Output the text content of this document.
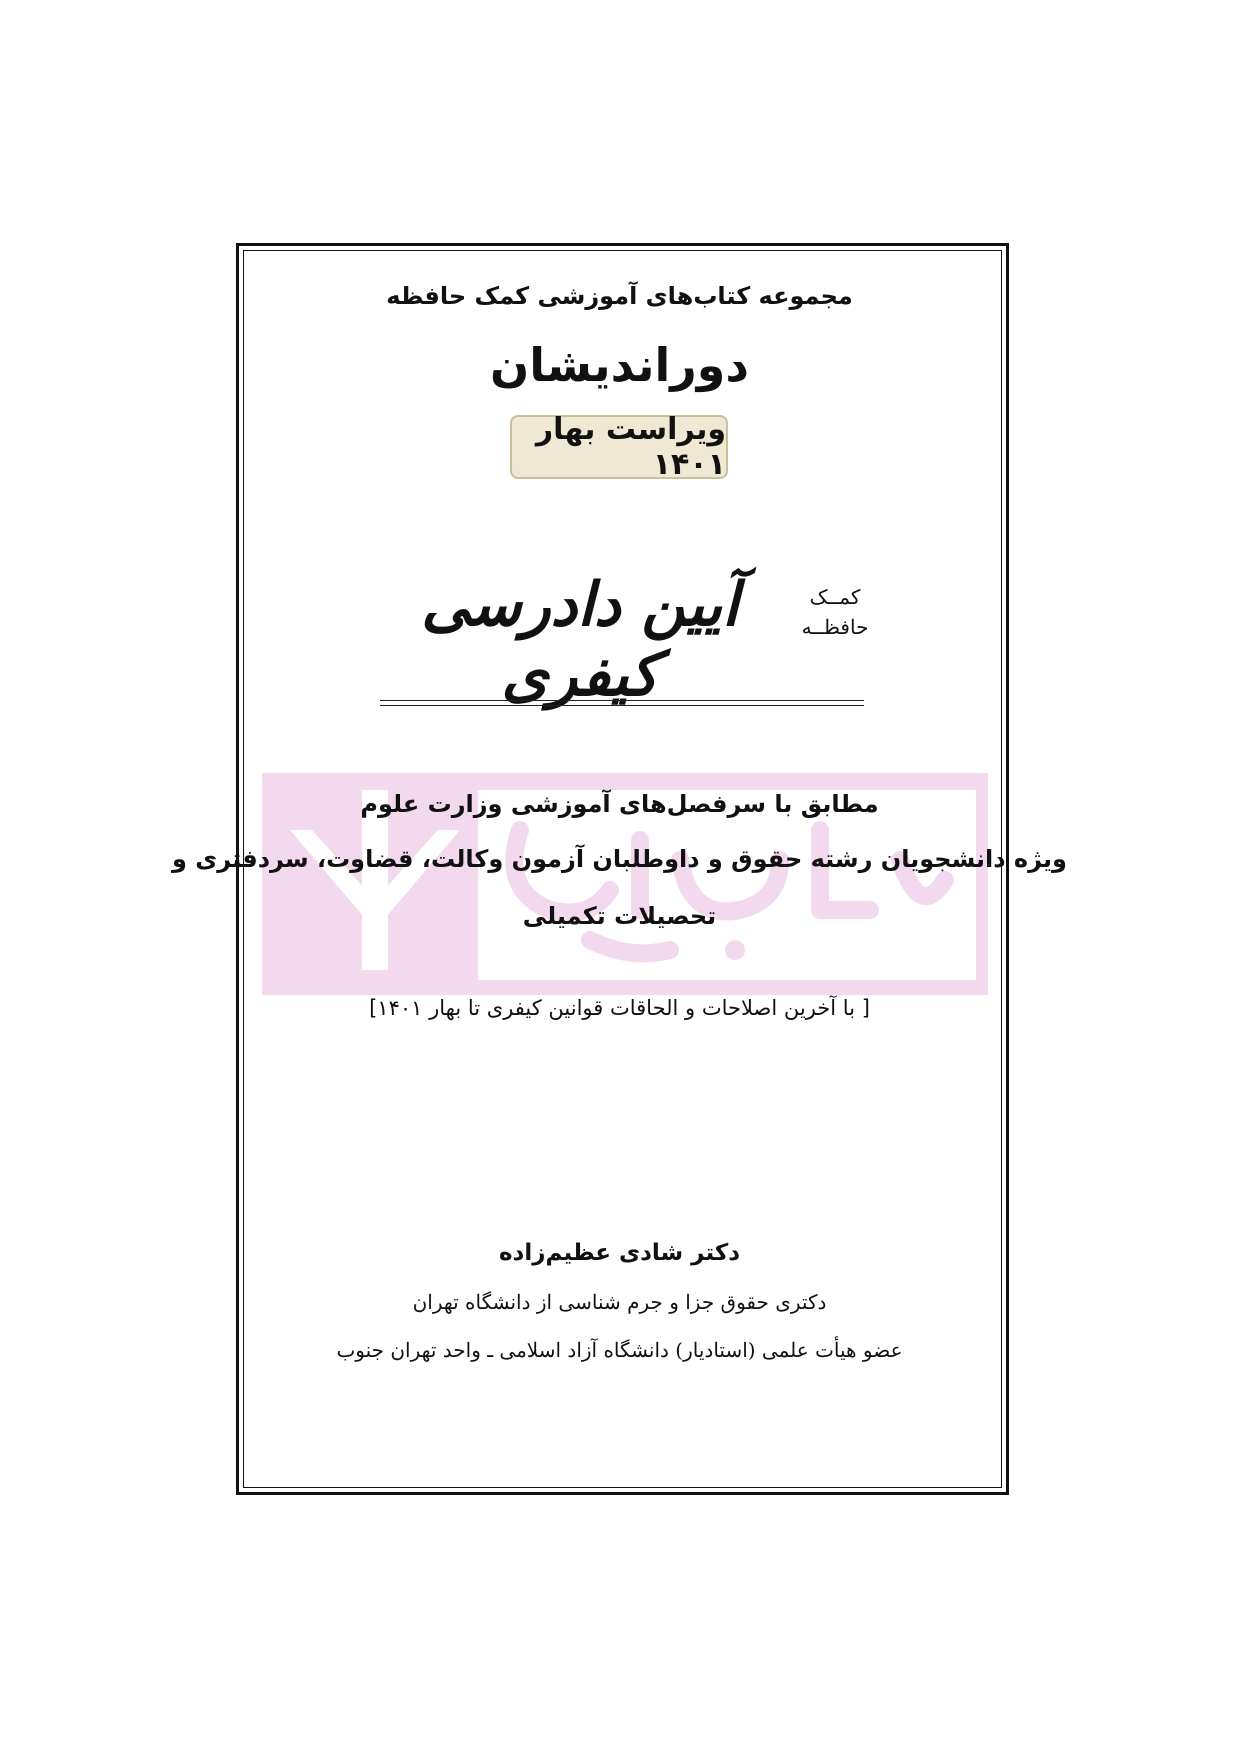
مجموعه کتاب‌های آموزشی کمک حافظه
دوراندیشان
ویراست بهار ۱۴۰۱
آیین دادرسی کیفری
کمــک
حافظــه
مطابق با سرفصل‌های آموزشی وزارت علوم
ویژه دانشجویان رشته حقوق و داوطلبان آزمون وکالت، قضاوت، سردفتری و
تحصیلات تکمیلی
[ با آخرین اصلاحات و الحاقات قوانین کیفری تا بهار ۱۴۰۱]
دکتر شادی عظیم‌زاده
دکتری حقوق جزا و جرم شناسی از دانشگاه تهران
عضو هیأت علمی (استادیار) دانشگاه آزاد اسلامی ـ واحد تهران جنوب
